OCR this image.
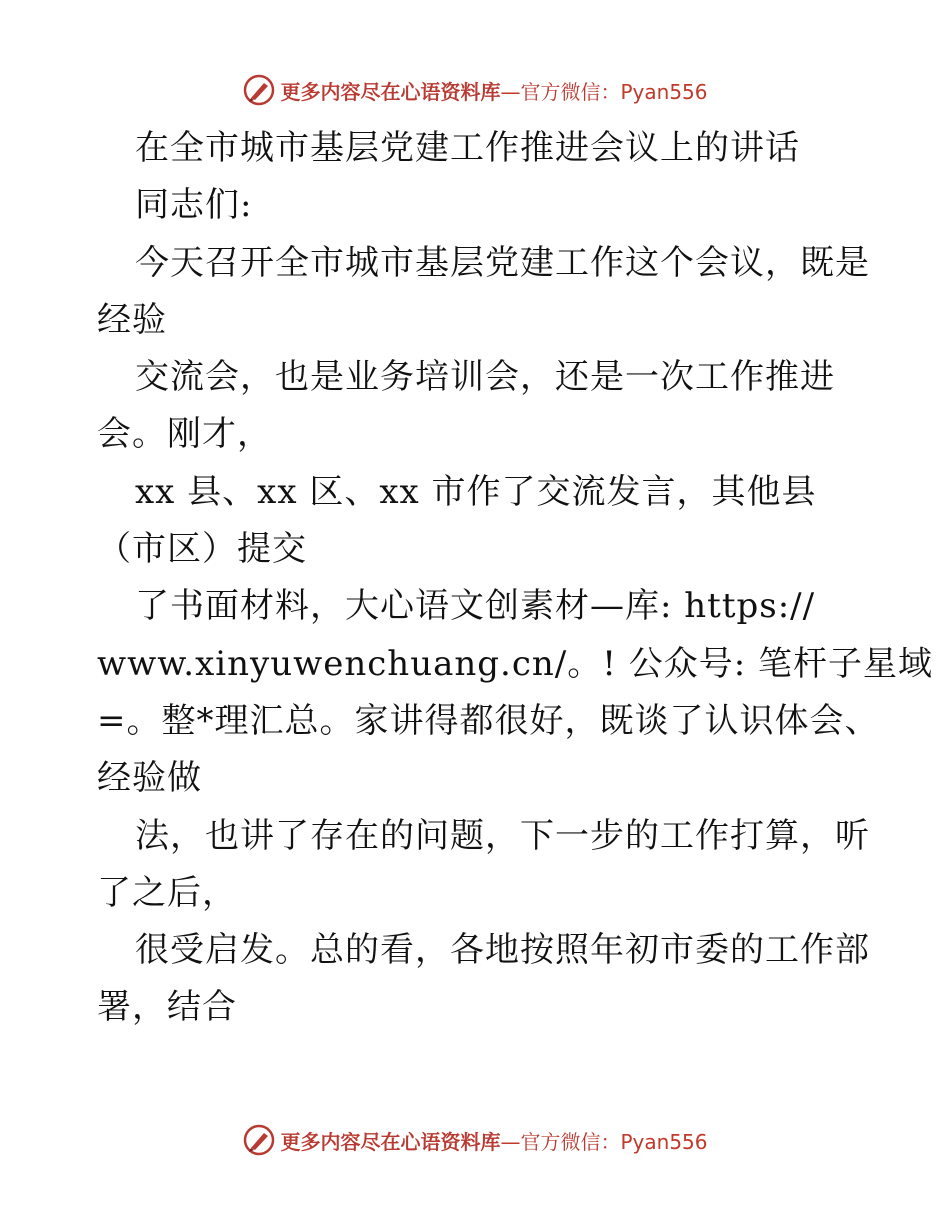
更多内容尽在心语资料库—官方微信：Pyan556
在全市城市基层党建工作推进会议上的讲话
同志们:
今天召开全市城市基层党建工作这个会议，既是
经验
交流会，也是业务培训会，还是一次工作推进
会。刚才，
xx 县、xx 区、xx 市作了交流发言，其他县
（市区）提交
了书面材料，大心语文创素材—库: https://
www.xinyuwenchuang.cn/。! 公众号: 笔杆子星域
=。整*理汇总。家讲得都很好，既谈了认识体会、
经验做
法，也讲了存在的问题，下一步的工作打算，听
了之后，
很受启发。总的看，各地按照年初市委的工作部
署，结合
更多内容尽在心语资料库—官方微信：Pyan556
